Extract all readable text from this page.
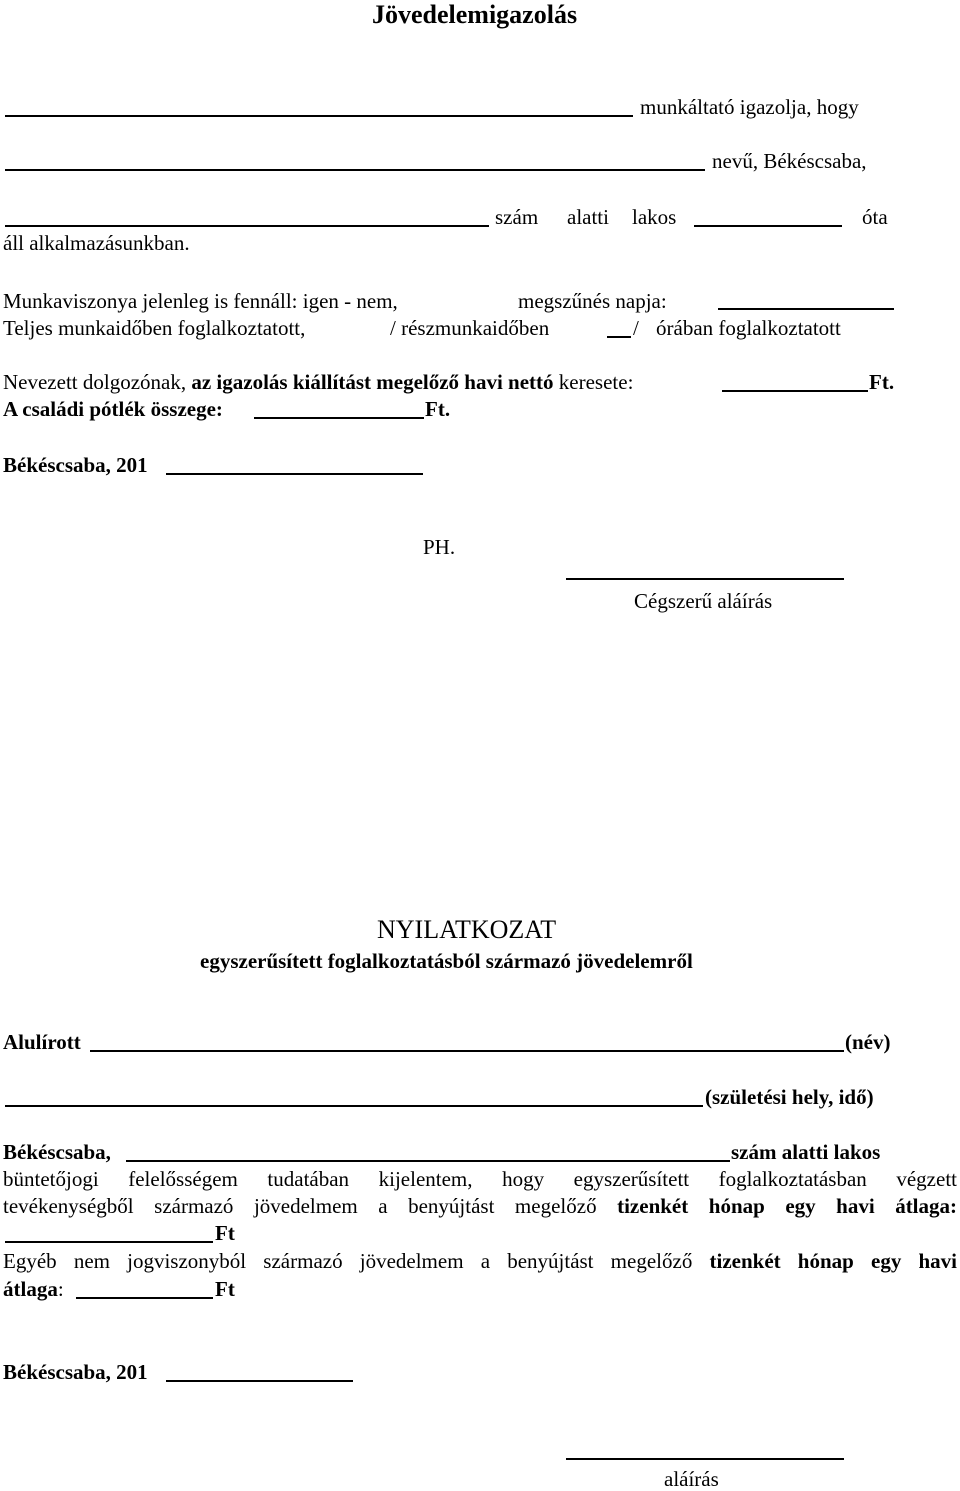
Jövedelemigazolás
munkáltató igazolja, hogy
nevű, Békéscsaba,
szám alatti lakos	óta
áll alkalmazásunkban.
Munkaviszonya jelenleg is fennáll: igen - nem,	megszűnés napja:
Teljes munkaidőben foglalkoztatott,	/ részmunkaidőben	/ órában foglalkoztatott
Nevezett dolgozónak, az igazolás kiállítást megelőző havi nettó keresete:	Ft.
A családi pótlék összege:	Ft.
Békéscsaba, 201
PH.
Cégszerű aláírás
NYILATKOZAT
egyszerűsített foglalkoztatásból származó jövedelemről
Alulírott	(név)
(születési hely, idő)
Békéscsaba,	szám alatti lakos
büntetőjogi felelősségem tudatában kijelentem, hogy egyszerűsített foglalkoztatásban végzett
tevékenységből származó jövedelmem a benyújtást megelőző tizenkét hónap egy havi átlaga:
Ft
Egyéb nem jogviszonyból származó jövedelmem a benyújtást megelőző tizenkét hónap egy havi
átlaga:	Ft
Békéscsaba, 201
aláírás
